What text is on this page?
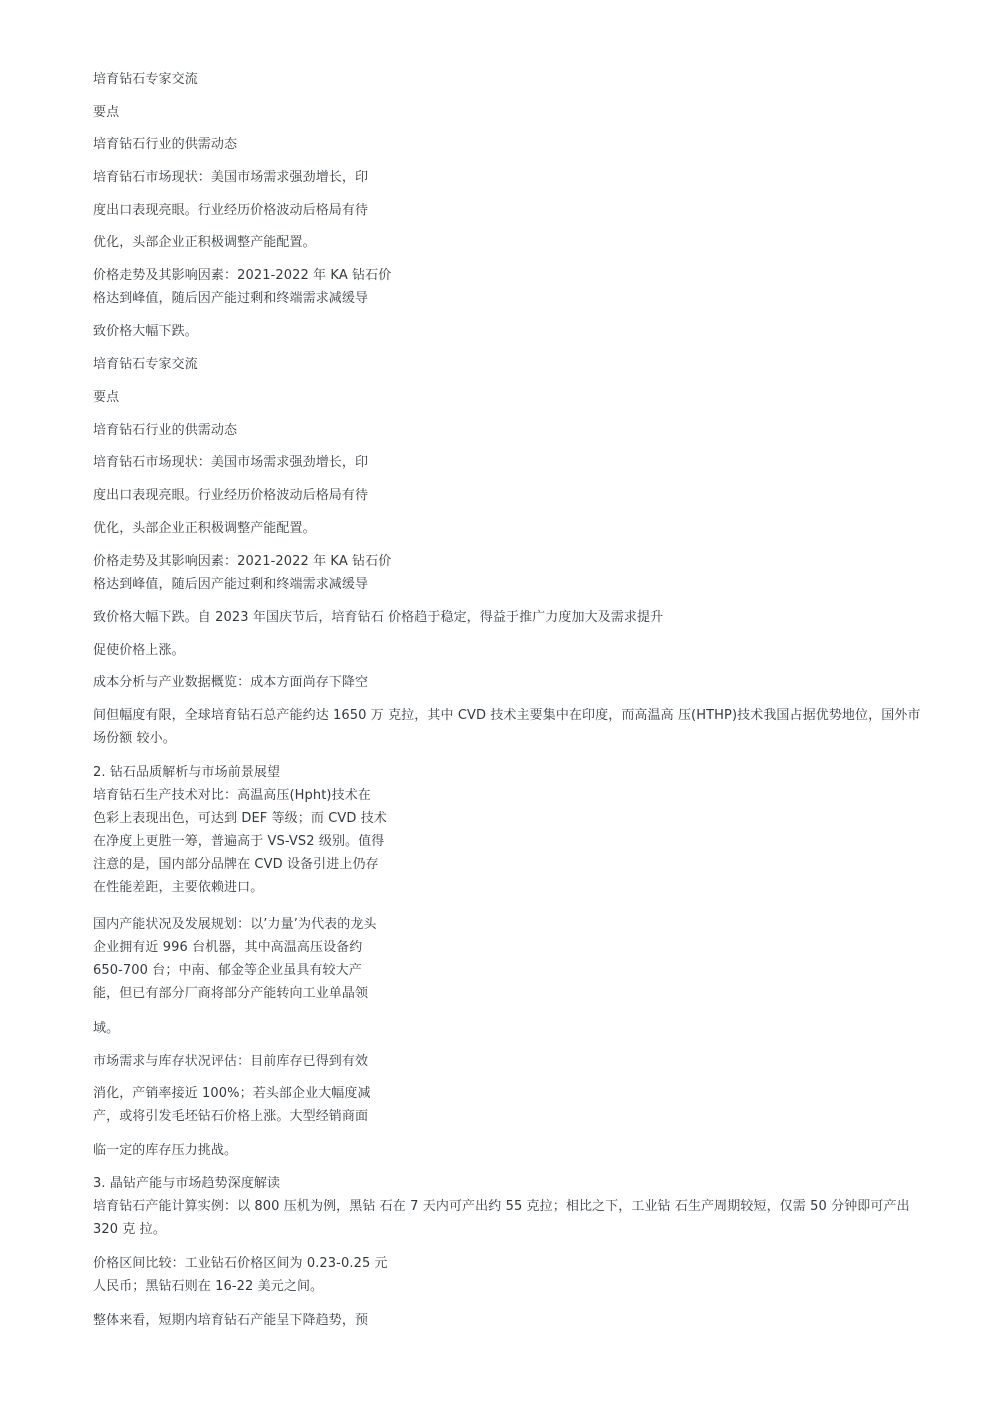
培育钻石专家交流
要点
培育钻石行业的供需动态
培育钻石市场现状：美国市场需求强劲增长，印
度出口表现亮眼。行业经历价格波动后格局有待
优化，头部企业正积极调整产能配置。
价格走势及其影响因素：2021-2022 年 KA 钻石价
格达到峰值，随后因产能过剩和终端需求减缓导
致价格大幅下跌。
培育钻石专家交流
要点
培育钻石行业的供需动态
培育钻石市场现状：美国市场需求强劲增长，印
度出口表现亮眼。行业经历价格波动后格局有待
优化，头部企业正积极调整产能配置。
价格走势及其影响因素：2021-2022 年 KA 钻石价
格达到峰值，随后因产能过剩和终端需求减缓导
致价格大幅下跌。自 2023 年国庆节后，培育钻石 价格趋于稳定，得益于推广力度加大及需求提升
促使价格上涨。
成本分析与产业数据概览：成本方面尚存下降空
间但幅度有限，全球培育钻石总产能约达 1650 万 克拉，其中 CVD 技术主要集中在印度，而高温高 压(HTHP)技术我国占据优势地位，国外市
场份额 较小。
2. 钻石品质解析与市场前景展望
培育钻石生产技术对比：高温高压(Hpht)技术在
色彩上表现出色，可达到 DEF 等级；而 CVD 技术
在净度上更胜一筹，普遍高于 VS-VS2 级别。值得
注意的是，国内部分品牌在 CVD 设备引进上仍存
在性能差距，主要依赖进口。
国内产能状况及发展规划：以’力量’为代表的龙头
企业拥有近 996 台机器，其中高温高压设备约
650-700 台；中南、郁金等企业虽具有较大产
能，但已有部分厂商将部分产能转向工业单晶领
域。
市场需求与库存状况评估：目前库存已得到有效
消化，产销率接近 100%；若头部企业大幅度减
产，或将引发毛坯钻石价格上涨。大型经销商面
临一定的库存压力挑战。
3. 晶钻产能与市场趋势深度解读
培育钻石产能计算实例：以 800 压机为例，黑钻 石在 7 天内可产出约 55 克拉；相比之下，工业钻 石生产周期较短，仅需 50 分钟即可产出
320 克 拉。
价格区间比较：工业钻石价格区间为 0.23-0.25 元
人民币；黑钻石则在 16-22 美元之间。
整体来看，短期内培育钻石产能呈下降趋势，预
